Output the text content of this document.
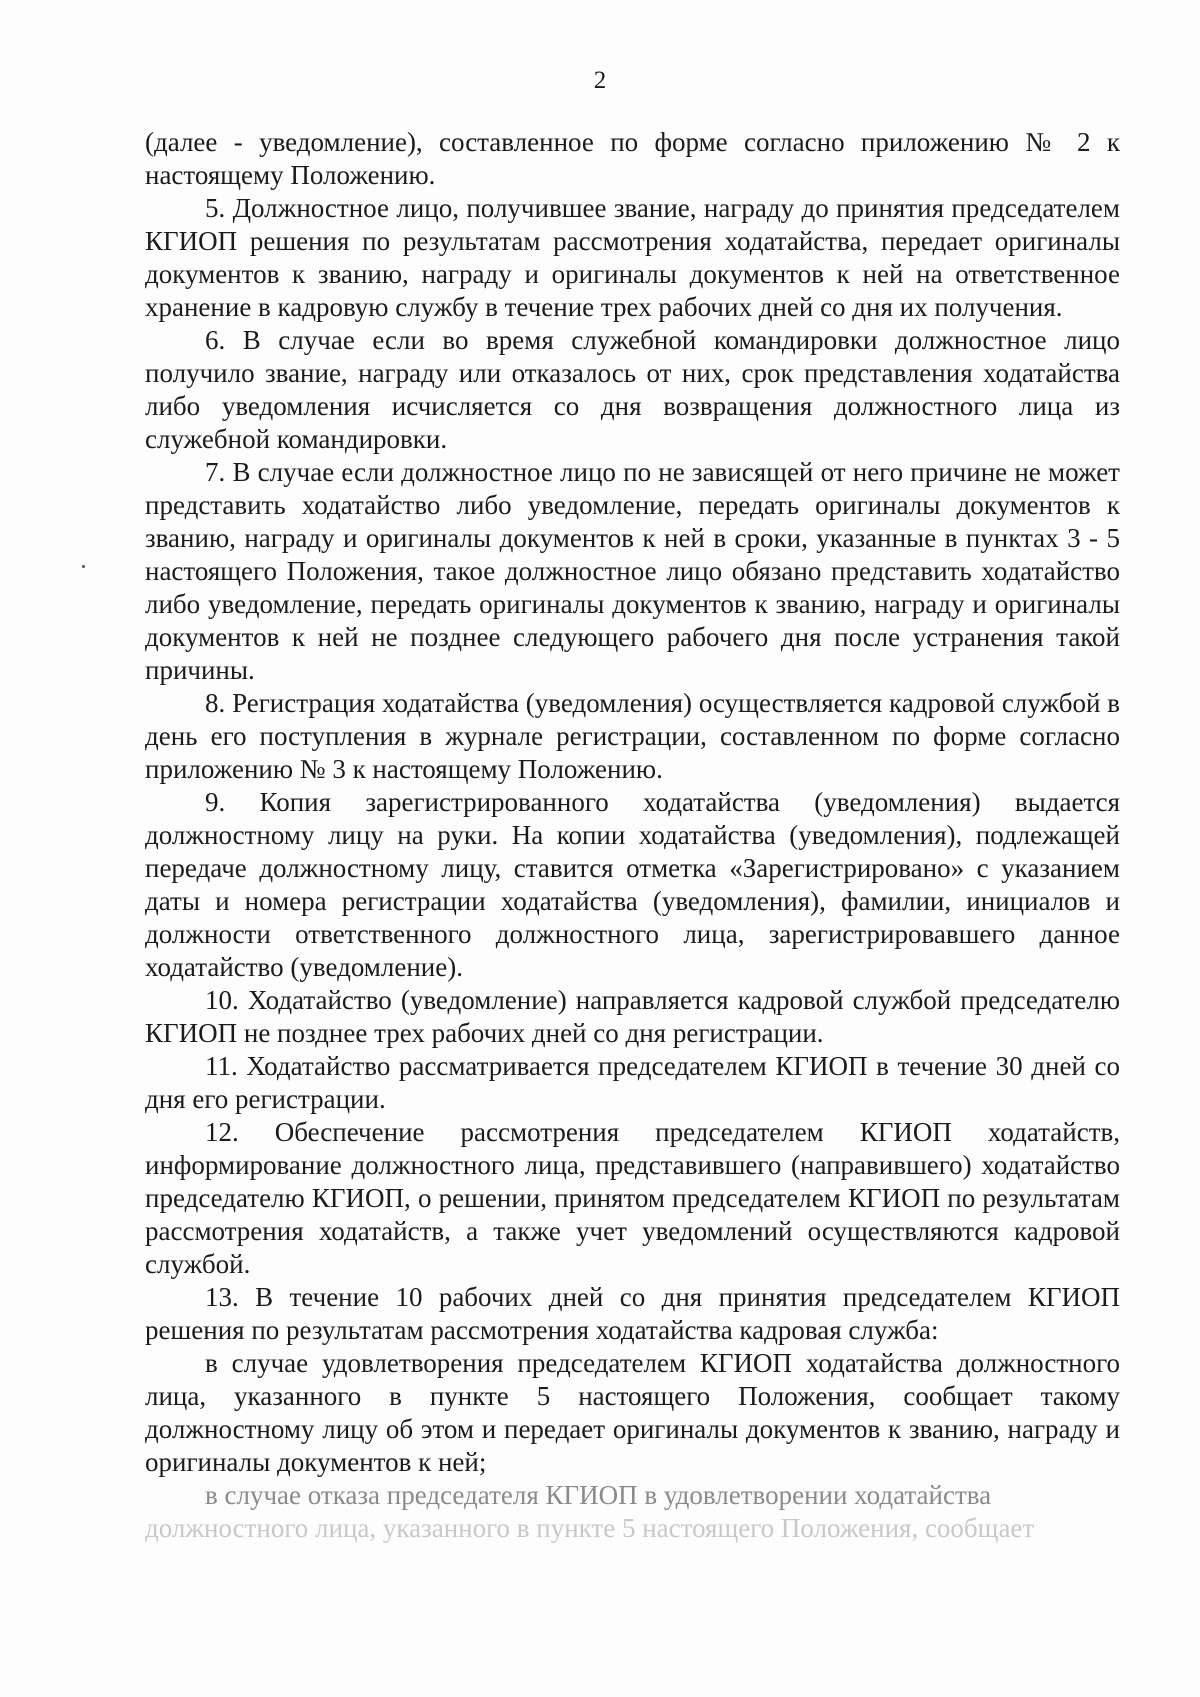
2

(далее - уведомление), составленное по форме согласно приложению № 2 к настоящему Положению.

5. Должностное лицо, получившее звание, награду до принятия председателем КГИОП решения по результатам рассмотрения ходатайства, передает оригиналы документов к званию, награду и оригиналы документов к ней на ответственное хранение в кадровую службу в течение трех рабочих дней со дня их получения.

6. В случае если во время служебной командировки должностное лицо получило звание, награду или отказалось от них, срок представления ходатайства либо уведомления исчисляется со дня возвращения должностного лица из служебной командировки.

7. В случае если должностное лицо по не зависящей от него причине не может представить ходатайство либо уведомление, передать оригиналы документов к званию, награду и оригиналы документов к ней в сроки, указанные в пунктах 3 - 5 настоящего Положения, такое должностное лицо обязано представить ходатайство либо уведомление, передать оригиналы документов к званию, награду и оригиналы документов к ней не позднее следующего рабочего дня после устранения такой причины.

8. Регистрация ходатайства (уведомления) осуществляется кадровой службой в день его поступления в журнале регистрации, составленном по форме согласно приложению № 3 к настоящему Положению.

9. Копия зарегистрированного ходатайства (уведомления) выдается должностному лицу на руки. На копии ходатайства (уведомления), подлежащей передаче должностному лицу, ставится отметка «Зарегистрировано» с указанием даты и номера регистрации ходатайства (уведомления), фамилии, инициалов и должности ответственного должностного лица, зарегистрировавшего данное ходатайство (уведомление).

10. Ходатайство (уведомление) направляется кадровой службой председателю КГИОП не позднее трех рабочих дней со дня регистрации.

11. Ходатайство рассматривается председателем КГИОП в течение 30 дней со дня его регистрации.

12. Обеспечение рассмотрения председателем КГИОП ходатайств, информирование должностного лица, представившего (направившего) ходатайство председателю КГИОП, о решении, принятом председателем КГИОП по результатам рассмотрения ходатайств, а также учет уведомлений осуществляются кадровой службой.

13. В течение 10 рабочих дней со дня принятия председателем КГИОП решения по результатам рассмотрения ходатайства кадровая служба:

в случае удовлетворения председателем КГИОП ходатайства должностного лица, указанного в пункте 5 настоящего Положения, сообщает такому должностному лицу об этом и передает оригиналы документов к званию, награду и оригиналы документов к ней;

в случае отказа председателя КГИОП в удовлетворении ходатайства

должностного лица, указанного в пункте 5 настоящего Положения, сообщает
